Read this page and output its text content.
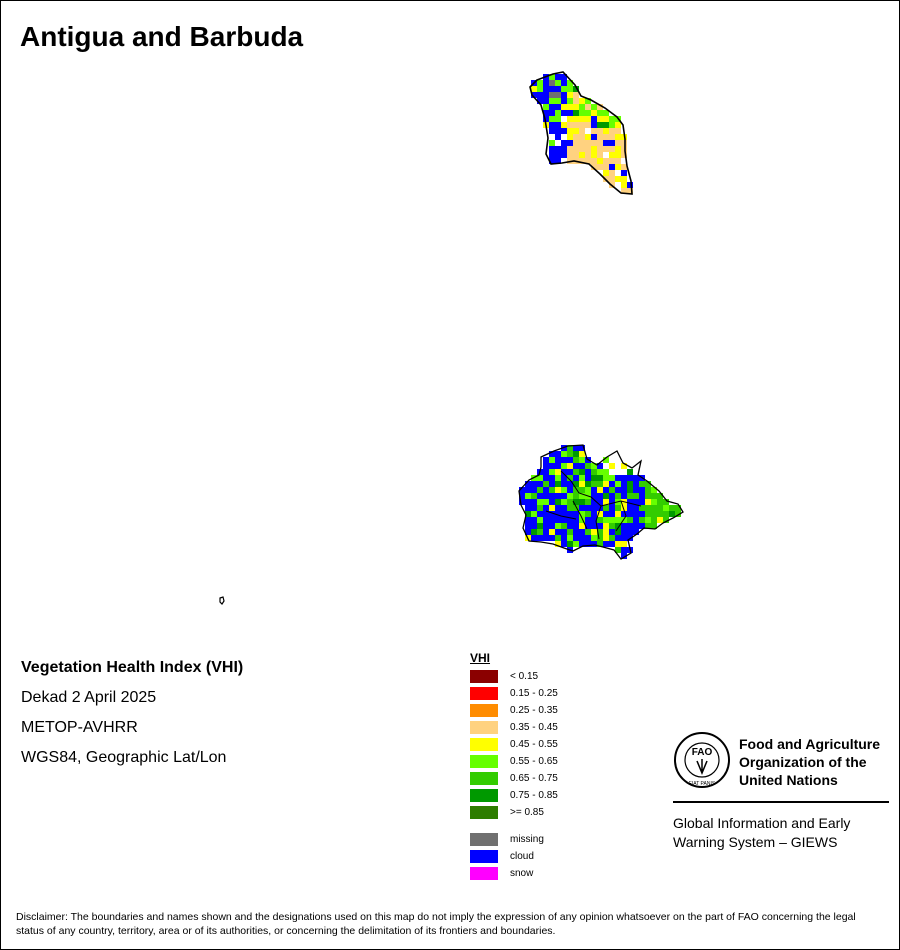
Antigua and Barbuda
Vegetation Health Index (VHI)
Dekad 2 April 2025
METOP-AVHRR
WGS84, Geographic Lat/Lon
VHI
< 0.15
0.15 - 0.25
0.25 - 0.35
0.35 - 0.45
0.45 - 0.55
0.55 - 0.65
0.65 - 0.75
0.75 - 0.85
>= 0.85
missing
cloud
snow
FAO
FIAT PANIS
Food and Agriculture
Organization of the
United Nations
Global Information and Early
Warning System – GIEWS
Disclaimer: The boundaries and names shown and the designations used on this map do not imply the expression of any opinion whatsoever on the part of FAO concerning the legal status of any country, territory, area or of its authorities, or concerning the delimitation of its frontiers and boundaries.
